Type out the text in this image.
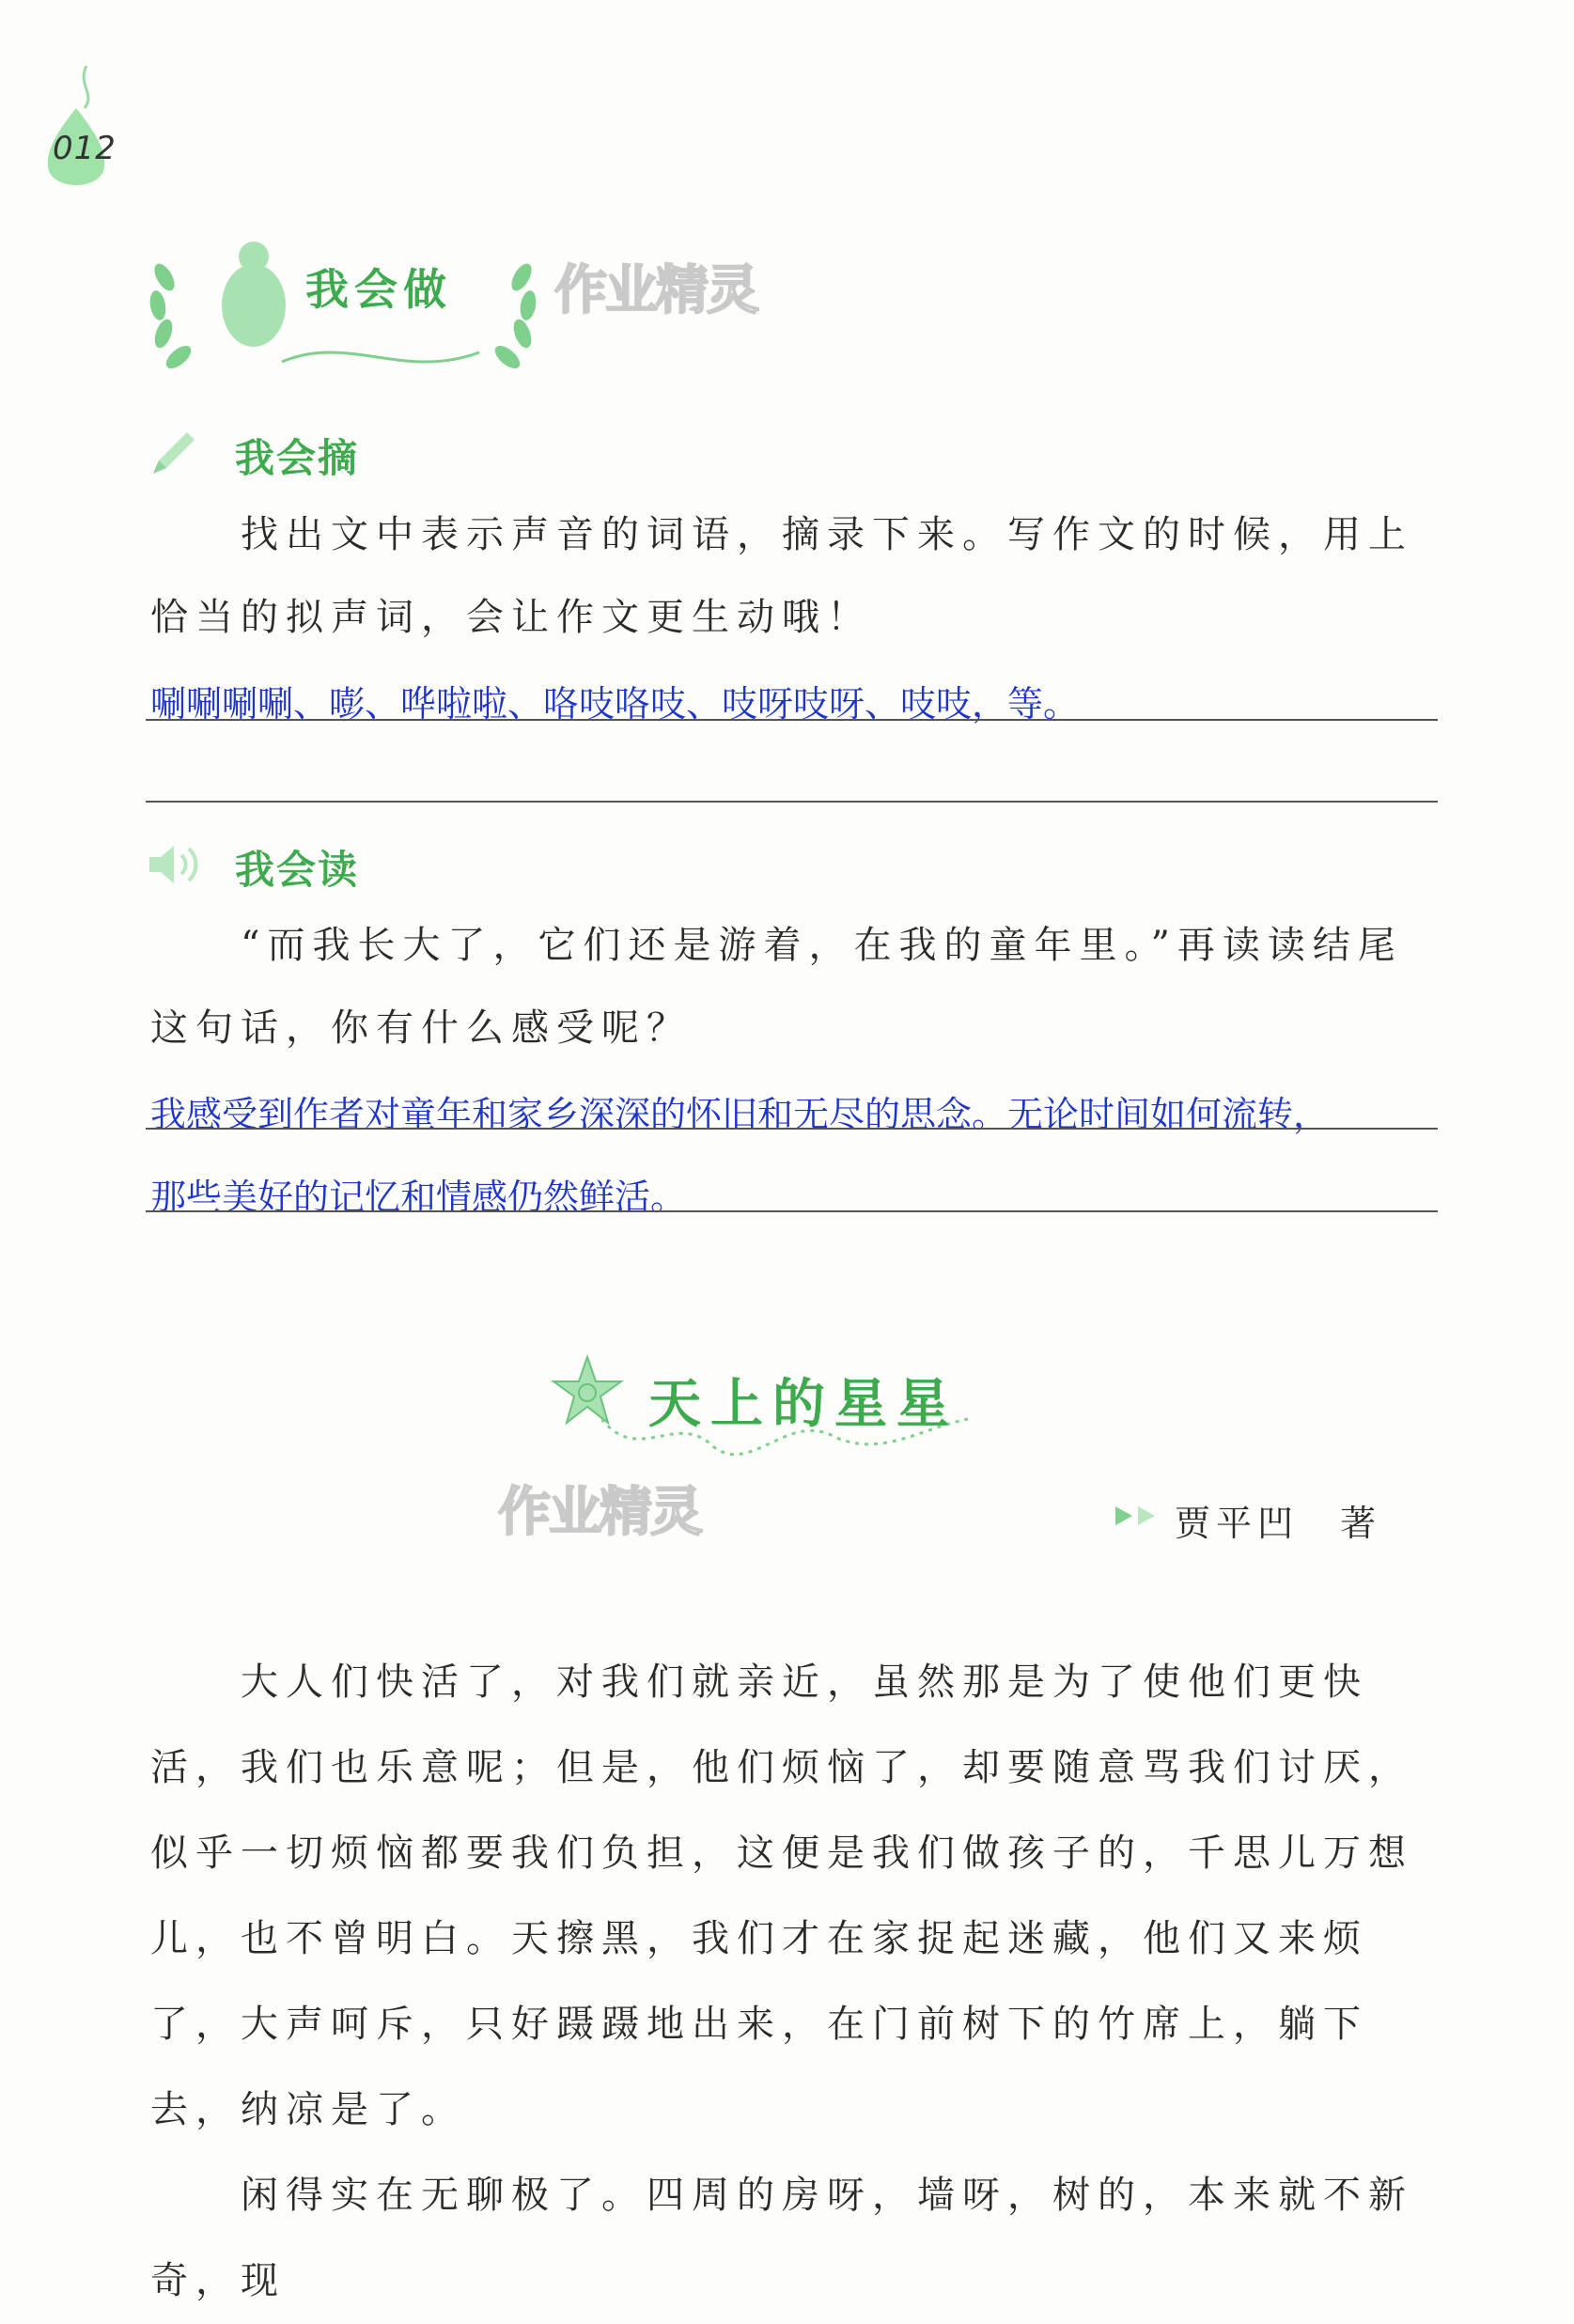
012
我会做 作业精灵
我会摘

找出文中表示声音的词语，摘录下来。写作文的时候，用上恰当的拟声词，会让作文更生动哦！

唰唰唰唰、嘭、哗啦啦、咯吱咯吱、吱呀吱呀、吱吱，等。
我会读

“而我长大了，它们还是游着，在我的童年里。”再读读结尾这句话，你有什么感受呢？

我感受到作者对童年和家乡深深的怀旧和无尽的思念。无论时间如何流转，
那些美好的记忆和情感仍然鲜活。
天上的星星
作业精灵	贾平凹　著

大人们快活了，对我们就亲近，虽然那是为了使他们更快活，我们也乐意呢；但是，他们烦恼了，却要随意骂我们讨厌，似乎一切烦恼都要我们负担，这便是我们做孩子的，千思儿万想儿，也不曾明白。天擦黑，我们才在家捉起迷藏，他们又来烦了，大声呵斥，只好蹑蹑地出来，在门前树下的竹席上，躺下去，纳凉是了。

闲得实在无聊极了。四周的房呀，墙呀，树的，本来就不新奇，现
